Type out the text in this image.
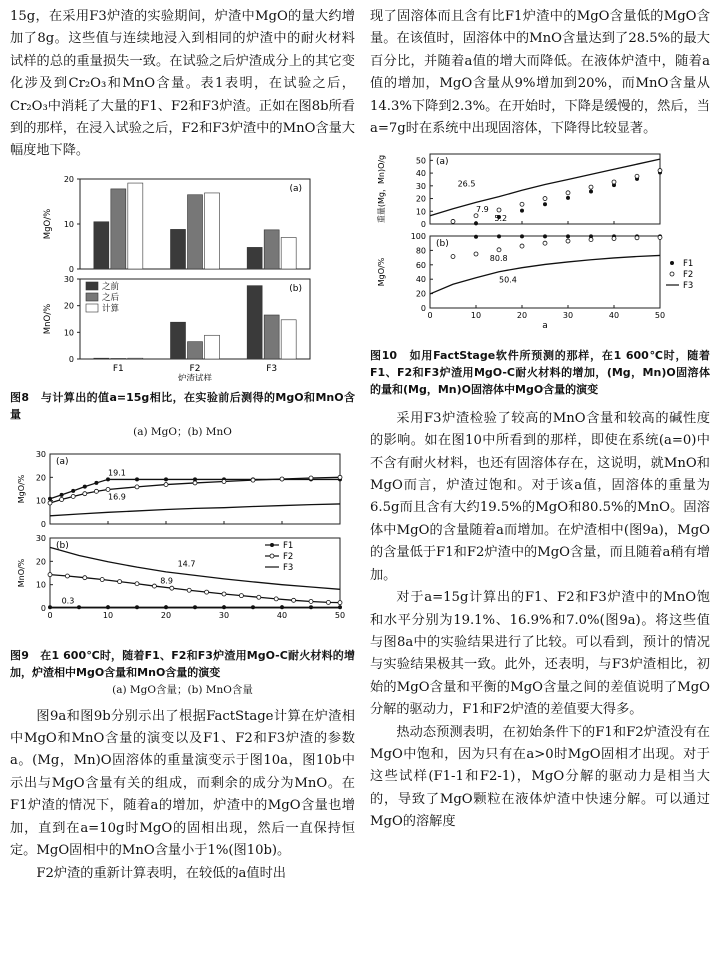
15g，在采用F3炉渣的实验期间，炉渣中MgO的量大约增加了8g。这些值与连续地浸入到相同的炉渣中的耐火材料试样的总的重量损失一致。在试验之后炉渣成分上的其它变化涉及到Cr₂O₃和MnO含量。表1表明，在试验之后，Cr₂O₃中消耗了大量的F1、F2和F3炉渣。正如在图8b所看到的那样，在浸入试验之后，F2和F3炉渣中的MnO含量大幅度地下降。

0
10
20
(a)
MgO/%
0
10
20
30
(b)
MnO/%
之前
之后
计算
F1	F2	F3
炉渣试样

图8　与计算出的值a=15g相比，在实验前后测得的MgO和MnO含量

(a) MgO；(b) MnO

0
10
20
30
(a)
MgO/%
19.1
16.9
0
10
20
30
0	10	20	30	40	50
(b)
MnO/%	14.7
8.9
0.3
F1
F2
F3

图9　在1 600℃时，随着F1、F2和F3炉渣用MgO-C耐火材料的增加，炉渣相中MgO含量和MnO含量的演变

(a) MgO含量；(b) MnO含量

图9a和图9b分别示出了根据FactStage计算在炉渣相中MgO和MnO含量的演变以及F1、F2和F3炉渣的参数a。(Mg，Mn)O固溶体的重量演变示于图10a，图10b中示出与MgO含量有关的组成，而剩余的成分为MnO。在F1炉渣的情况下，随着a的增加，炉渣中的MgO含量也增加，直到在a=10g时MgO的固相出现，然后一直保持恒定。MgO固相中的MnO含量小于1%(图10b)。

F2炉渣的重新计算表明，在较低的a值时出

现了固溶体而且含有比F1炉渣中的MgO含量低的MgO含量。在该值时，固溶体中的MnO含量达到了28.5%的最大百分比，并随着a值的增大而降低。在液体炉渣中，随着a值的增加，MgO含量从9%增加到20%，而MnO含量从14.3%下降到2.3%。在开始时，下降是缓慢的，然后，当a=7g时在系统中出现固溶体，下降得比较显著。

0
10
20
30
40
50 (a)
重量(Mg，Mn)O/g	26.5
7.9
5.2
0
20
40
60
80
100
0	10	20	30	40	50
(b)
MgO/%	80.8
50.4
a
F1
F2
F3

图10　如用FactStage软件所预测的那样，在1 600℃时，随着F1、F2和F3炉渣用MgO-C耐火材料的增加，(Mg，Mn)O固溶体的量和(Mg，Mn)O固溶体中MgO含量的演变

采用F3炉渣检验了较高的MnO含量和较高的碱性度的影响。如在图10中所看到的那样，即使在系统(a=0)中不含有耐火材料，也还有固溶体存在，这说明，就MnO和MgO而言，炉渣过饱和。对于该a值，固溶体的重量为6.5g而且含有大约19.5%的MgO和80.5%的MnO。固溶体中MgO的含量随着a而增加。在炉渣相中(图9a)，MgO的含量低于F1和F2炉渣中的MgO含量，而且随着a稍有增加。

对于a=15g计算出的F1、F2和F3炉渣中的MnO饱和水平分别为19.1%、16.9%和7.0%(图9a)。将这些值与图8a中的实验结果进行了比较。可以看到，预计的情况与实验结果极其一致。此外，还表明，与F3炉渣相比，初始的MgO含量和平衡的MgO含量之间的差值说明了MgO分解的驱动力，F1和F2炉渣的差值要大得多。

热动态预测表明，在初始条件下的F1和F2炉渣没有在MgO中饱和，因为只有在a>0时MgO固相才出现。对于这些试样(F1-1和F2-1)，MgO分解的驱动力是相当大的，导致了MgO颗粒在液体炉渣中快速分解。可以通过MgO的溶解度
